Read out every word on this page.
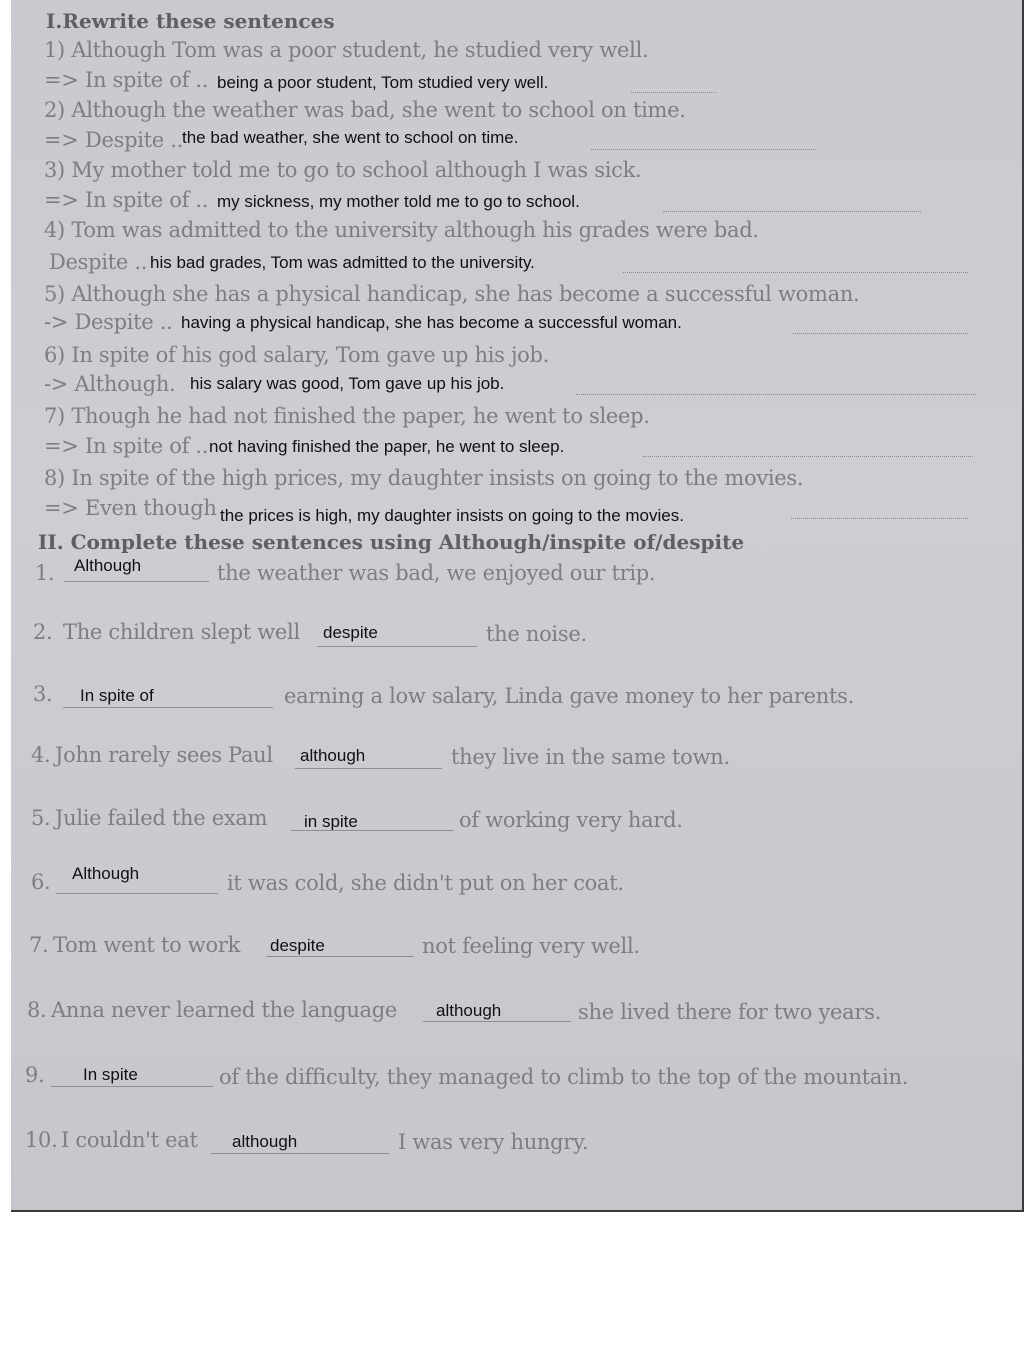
I.Rewrite these sentences
1) Although Tom was a poor student, he studied very well.
=> In spite of .. being a poor student, Tom studied very well.
2) Although the weather was bad, she went to school on time.
=> Despite ..
the bad weather, she went to school on time.
3) My mother told me to go to school although I was sick.
=> In spite of .. my sickness, my mother told me to go to school.
4) Tom was admitted to the university although his grades were bad.
Despite .. his bad grades, Tom was admitted to the university.
5) Although she has a physical handicap, she has become a successful woman.
-> Despite .. having a physical handicap, she has become a successful woman.
6) In spite of his god salary, Tom gave up his job.
-> Although. his salary was good, Tom gave up his job.
7) Though he had not finished the paper, he went to sleep.
=> In spite of .. not having finished the paper, he went to sleep.
8) In spite of the high prices, my daughter insists on going to the movies.
=> Even though the prices is high, my daughter insists on going to the movies.
II. Complete these sentences using Although/inspite of/despite
1. Although	the weather was bad, we enjoyed our trip.
2. The children slept well despite	the noise.
3. In spite of	earning a low salary, Linda gave money to her parents.
4. John rarely sees Paul although	they live in the same town.
5. Julie failed the exam in spite	of working very hard.
6. Although	it was cold, she didn't put on her coat.
7. Tom went to work despite	not feeling very well.
8. Anna never learned the language although	she lived there for two years.
9. In spite	of the difficulty, they managed to climb to the top of the mountain.
10. I couldn't eat although	I was very hungry.
